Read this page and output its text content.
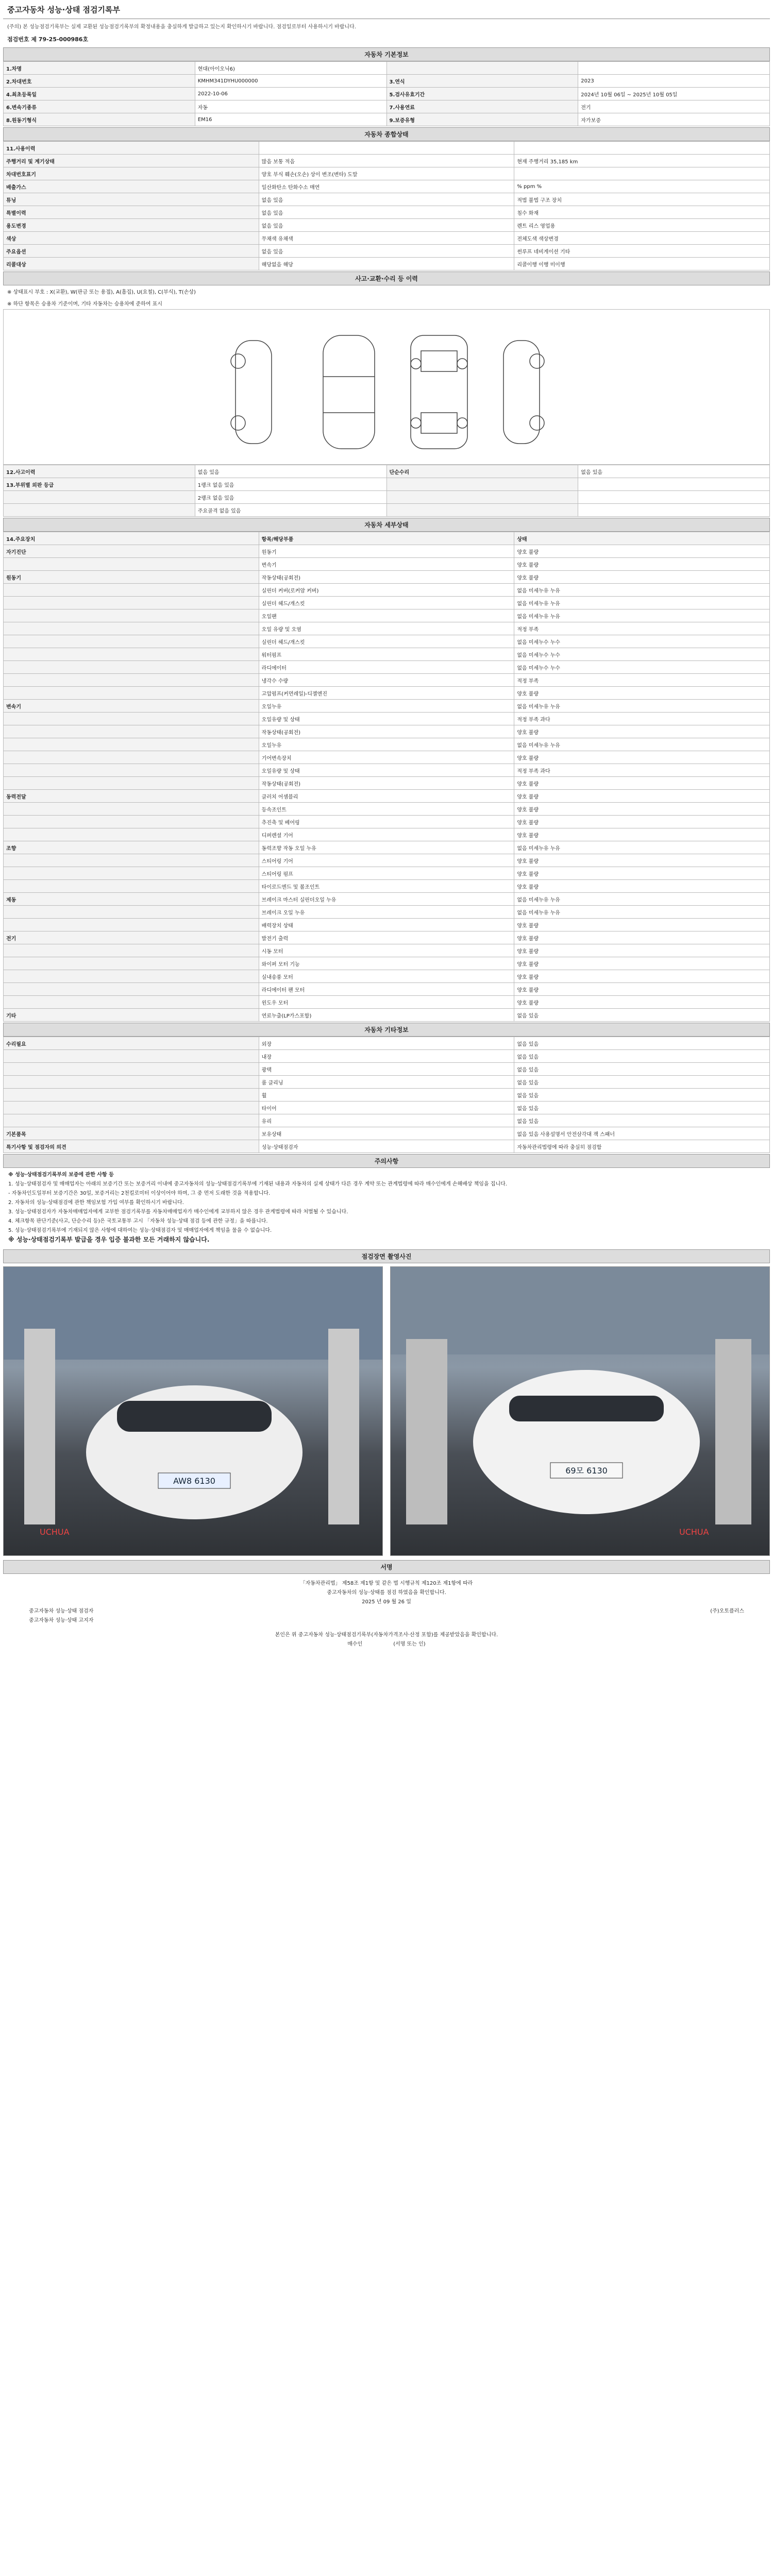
중고자동차 성능·상태 점검기록부
(주의) 본 성능점검기록부는 실제 교환된 성능점검기록부의 확정내용을 충실하게 발급하고 있는지 확인하시기 바랍니다. 점검일로부터 사용하시기 바랍니다.
점검번호 제 79-25-000986호
자동차 기본정보
1.차명	현대(아이오닉6)		
2.차대번호	KMHM341DYHU000000	3.연식	2023
4.최초등록일	2022-10-06	5.검사유효기간	2024년 10월 06일 ~ 2025년 10월 05일
6.변속기종류	자동	7.사용연료	전기
8.원동기형식	EM16	9.보증유형	자가보증
자동차 종합상태
11.사용이력		
주행거리 및 계기상태	많음 보통 적음	현재 주행거리 35,185 km
차대번호표기	양호 부식 훼손(오손) 상이 변조(변타) 도말	
배출가스	일산화탄소 탄화수소 매연	% ppm %
튜닝	없음 있음	적법 불법 구조 장치
특별이력	없음 있음	침수 화재
용도변경	없음 있음	렌트 리스 영업용
색상	무채색 유채색	전체도색 색상변경
주요옵션	없음 있음	썬루프 네비게이션 기타
리콜대상	해당없음 해당	리콜이행 이행 미이행
사고·교환·수리 등 이력
※ 상태표시 부호 : X(교환), W(판금 또는 용접), A(흠집), U(요철), C(부식), T(손상)
※ 하단 항목은 승용차 기준이며, 기타 자동차는 승용차에 준하여 표시
12.사고이력	없음 있음	단순수리	없음 있음
13.부위별 외판 등급	1랭크 없음 있음		
	2랭크 없음 있음		
	주요골격 없음 있음		
자동차 세부상태
14.주요장치	항목/해당부품	상태
자기진단	원동기	양호 불량
	변속기	양호 불량
원동기	작동상태(공회전)	양호 불량
	실린더 커버(로커암 커버)	없음 미세누유 누유
	실린더 헤드/개스킷	없음 미세누유 누유
	오일팬	없음 미세누유 누유
	오일 유량 및 오염	적정 부족
	실린더 헤드/개스킷	없음 미세누수 누수
	워터펌프	없음 미세누수 누수
	라디에이터	없음 미세누수 누수
	냉각수 수량	적정 부족
	고압펌프(커먼레일)-디젤엔진	양호 불량
변속기	오일누유	없음 미세누유 누유
	오일유량 및 상태	적정 부족 과다
	작동상태(공회전)	양호 불량
	오일누유	없음 미세누유 누유
	기어변속장치	양호 불량
	오일유량 및 상태	적정 부족 과다
	작동상태(공회전)	양호 불량
동력전달	클러치 어셈블리	양호 불량
	등속조인트	양호 불량
	추진축 및 베어링	양호 불량
	디퍼렌셜 기어	양호 불량
조향	동력조향 작동 오일 누유	없음 미세누유 누유
	스티어링 기어	양호 불량
	스티어링 펌프	양호 불량
	타이로드엔드 및 볼조인트	양호 불량
제동	브레이크 마스터 실린더오일 누유	없음 미세누유 누유
	브레이크 오일 누유	없음 미세누유 누유
	배력장치 상태	양호 불량
전기	발전기 출력	양호 불량
	시동 모터	양호 불량
	와이퍼 모터 기능	양호 불량
	실내송풍 모터	양호 불량
	라디에이터 팬 모터	양호 불량
	윈도우 모터	양호 불량
기타	연료누출(LP가스포함)	없음 있음
자동차 기타정보
수리필요	외장	없음 있음
	내장	없음 있음
	광택	없음 있음
	룸 클리닝	없음 있음
	휠	없음 있음
	타이어	없음 있음
	유리	없음 있음
기본품목	보유상태	없음 있음 사용설명서 안전삼각대 잭 스패너
특기사항 및 점검자의 의견	성능·상태점검자	자동차관리법령에 따라 충실히 점검함
주의사항

※ 성능·상태점검기록부의 보증에 관한 사항 등

1. 성능·상태점검자 및 매매업자는 아래의 보증기간 또는 보증거리 이내에 중고자동차의 성능·상태점검기록부에 기재된 내용과 자동차의 실제 상태가 다른 경우 계약 또는 관계법령에 따라 매수인에게 손해배상 책임을 집니다.

- 자동차인도일부터 보증기간은 30일, 보증거리는 2천킬로미터 이상이어야 하며, 그 중 먼저 도래한 것을 적용합니다.

2. 자동차의 성능·상태점검에 관한 책임보험 가입 여부를 확인하시기 바랍니다.

3. 성능·상태점검자가 자동차매매업자에게 교부한 점검기록부를 자동차매매업자가 매수인에게 교부하지 않은 경우 관계법령에 따라 처벌될 수 있습니다.

4. 체크항목 판단기준(사고, 단순수리 등)은 국토교통부 고시 「자동차 성능·상태 점검 등에 관한 규정」을 따릅니다.

5. 성능·상태점검기록부에 기재되지 않은 사항에 대하여는 성능·상태점검자 및 매매업자에게 책임을 물을 수 없습니다.

※ 성능·상태점검기록부 발급을 경우 입증 불과한 모든 거래하지 않습니다.

점검장면 촬영사진
AW8 6130
UCHUA
69모 6130
UCHUA
서명
「자동차관리법」 제58조 제1항 및 같은 법 시행규칙 제120조 제1항에 따라
중고자동차의 성능·상태를 점검 하였음을 확인합니다.
2025 년 09 월 26 일
중고자동차 성능·상태 점검자	(주)오토플러스
중고자동차 성능·상태 고지자
본인은 위 중고자동차 성능·상태점검기록부(자동차가격조사·산정 포함)를 제공받았음을 확인합니다.
매수인	(서명 또는 인)
